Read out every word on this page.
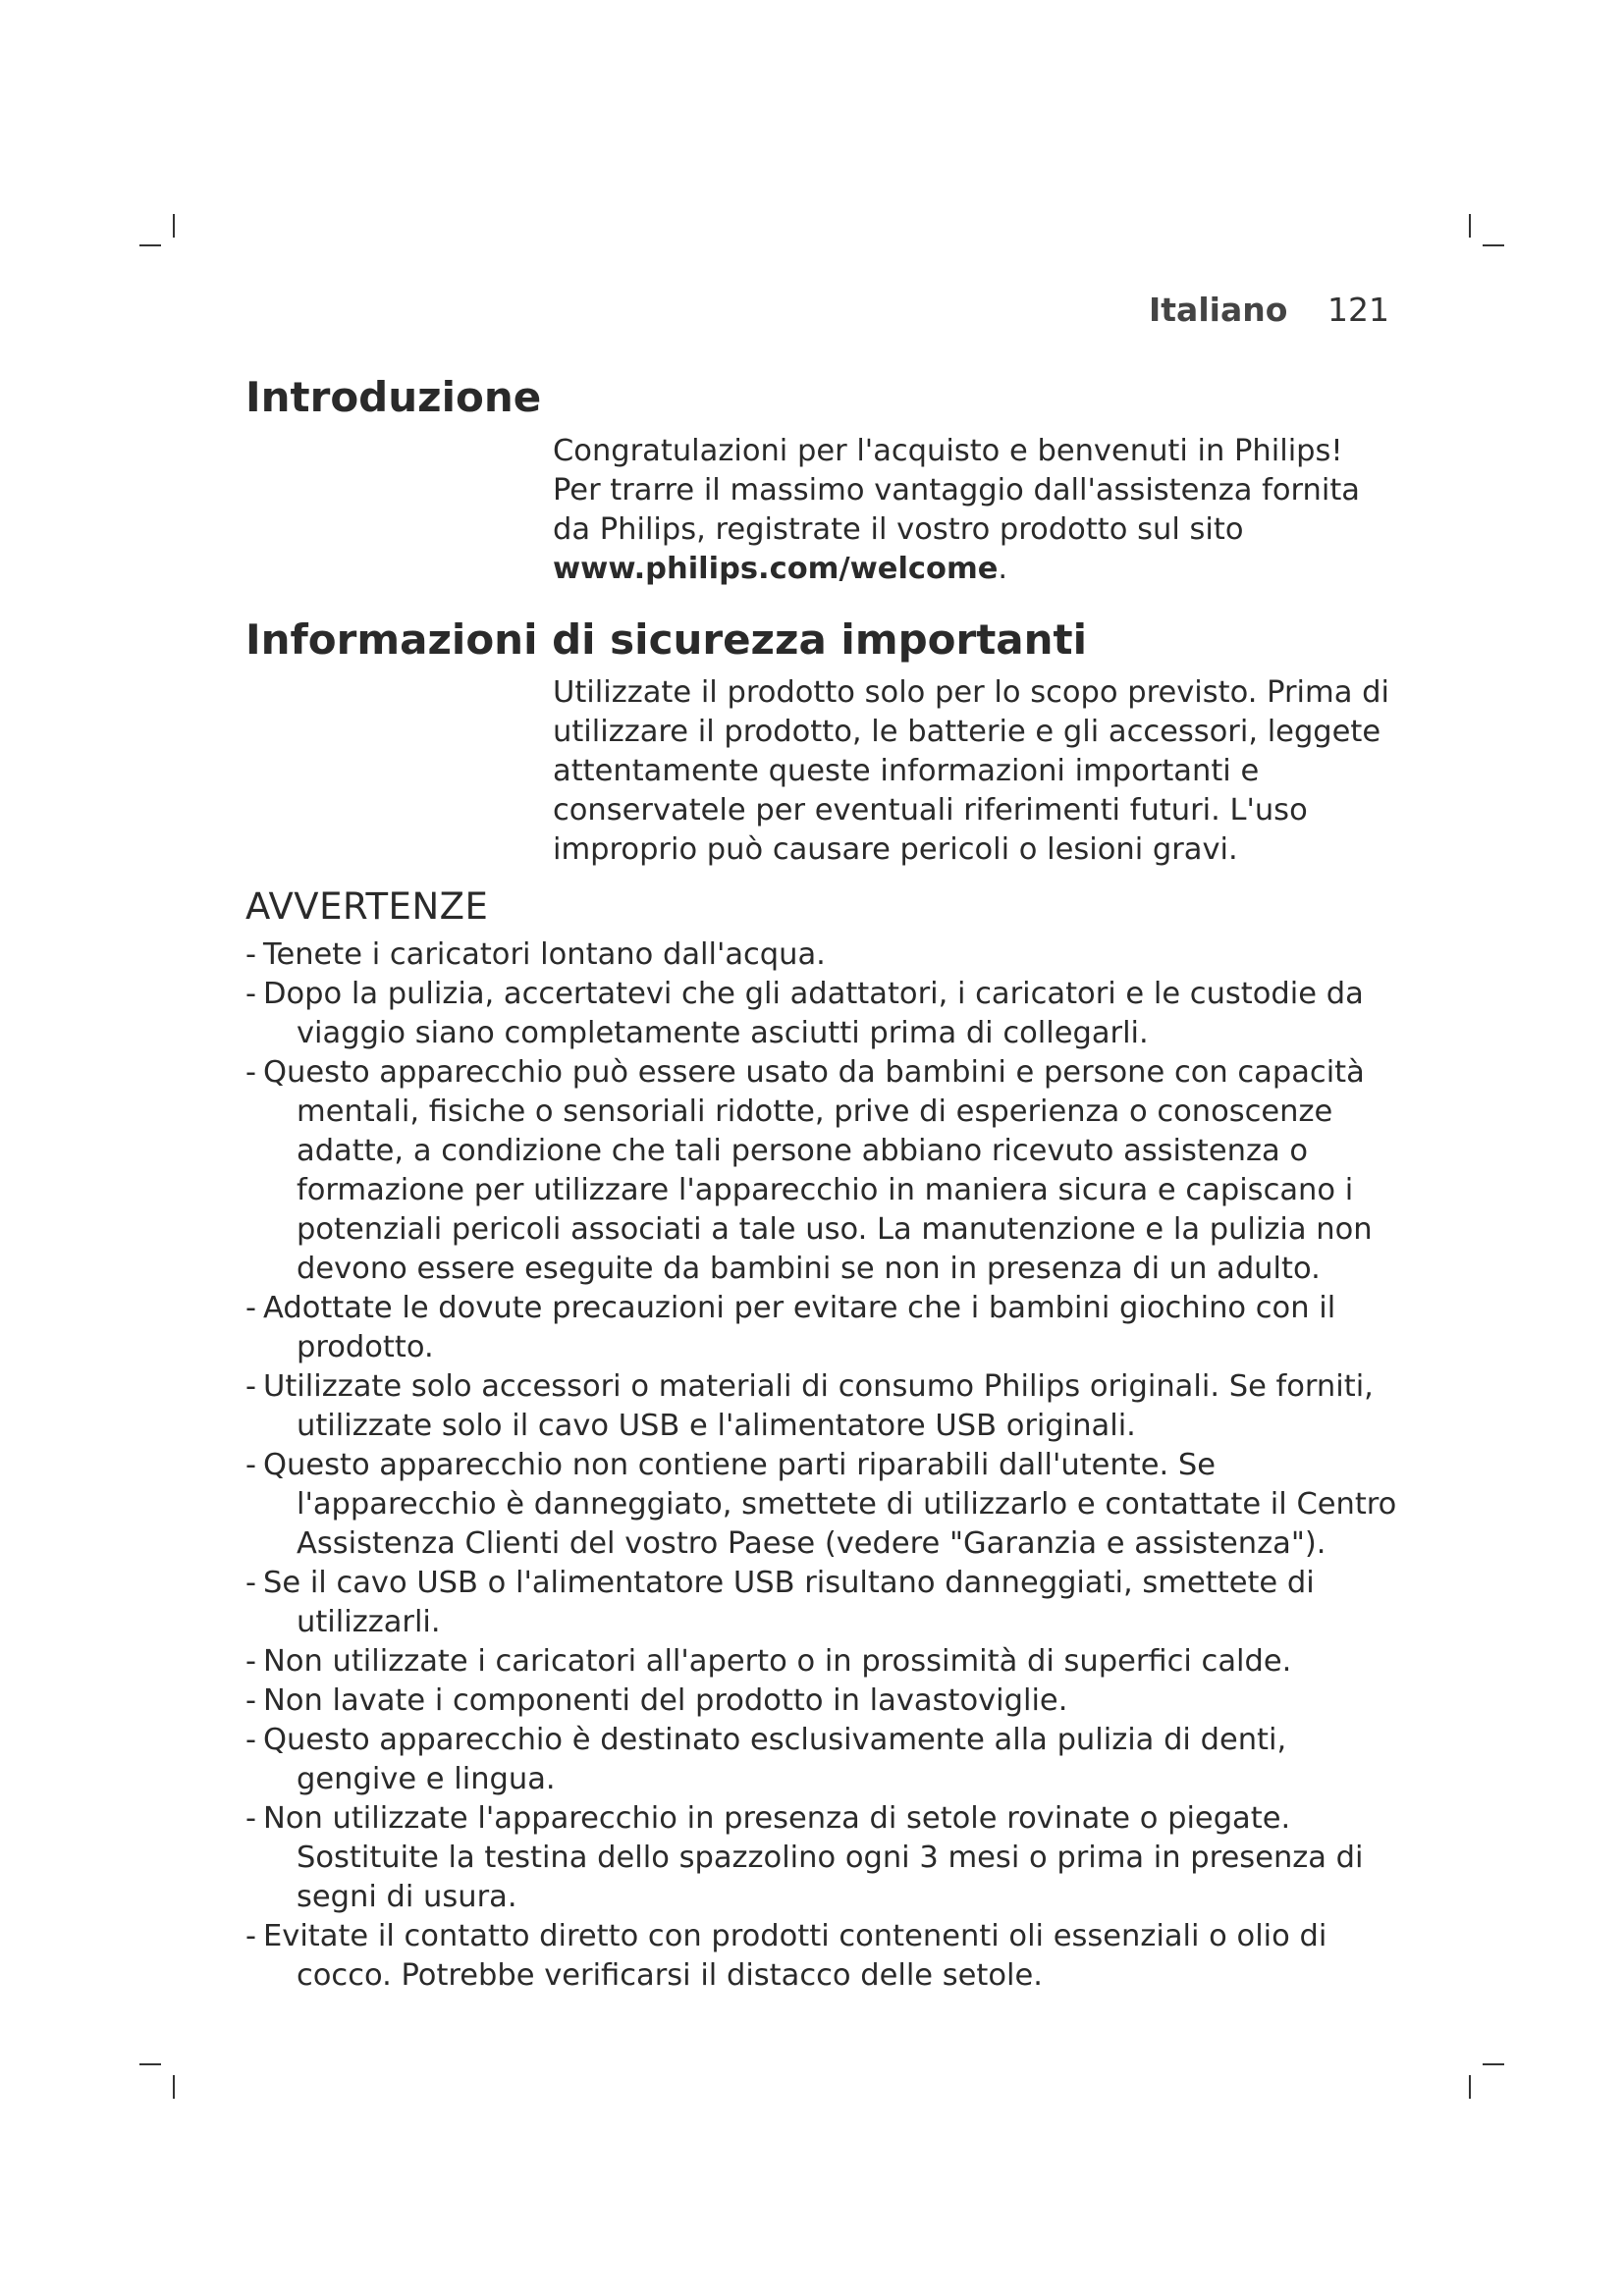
Italiano 121
Introduzione

Congratulazioni per l'acquisto e benvenuti in Philips! Per trarre il massimo vantaggio dall'assistenza fornita da Philips, registrate il vostro prodotto sul sito www.philips.com/welcome.

Informazioni di sicurezza importanti

Utilizzate il prodotto solo per lo scopo previsto. Prima di utilizzare il prodotto, le batterie e gli accessori, leggete attentamente queste informazioni importanti e conservatele per eventuali riferimenti futuri. L'uso improprio può causare pericoli o lesioni gravi.

AVVERTENZE
- Tenete i caricatori lontano dall'acqua.
- Dopo la pulizia, accertatevi che gli adattatori, i caricatori e le custodie da viaggio siano completamente asciutti prima di collegarli.
- Questo apparecchio può essere usato da bambini e persone con capacità mentali, fisiche o sensoriali ridotte, prive di esperienza o conoscenze adatte, a condizione che tali persone abbiano ricevuto assistenza o formazione per utilizzare l'apparecchio in maniera sicura e capiscano i potenziali pericoli associati a tale uso. La manutenzione e la pulizia non devono essere eseguite da bambini se non in presenza di un adulto.
- Adottate le dovute precauzioni per evitare che i bambini giochino con il prodotto.
- Utilizzate solo accessori o materiali di consumo Philips originali. Se forniti, utilizzate solo il cavo USB e l'alimentatore USB originali.
- Questo apparecchio non contiene parti riparabili dall'utente. Se l'apparecchio è danneggiato, smettete di utilizzarlo e contattate il Centro Assistenza Clienti del vostro Paese (vedere "Garanzia e assistenza").
- Se il cavo USB o l'alimentatore USB risultano danneggiati, smettete di utilizzarli.
- Non utilizzate i caricatori all'aperto o in prossimità di superfici calde.
- Non lavate i componenti del prodotto in lavastoviglie.
- Questo apparecchio è destinato esclusivamente alla pulizia di denti, gengive e lingua.
- Non utilizzate l'apparecchio in presenza di setole rovinate o piegate. Sostituite la testina dello spazzolino ogni 3 mesi o prima in presenza di segni di usura.
- Evitate il contatto diretto con prodotti contenenti oli essenziali o olio di cocco. Potrebbe verificarsi il distacco delle setole.
